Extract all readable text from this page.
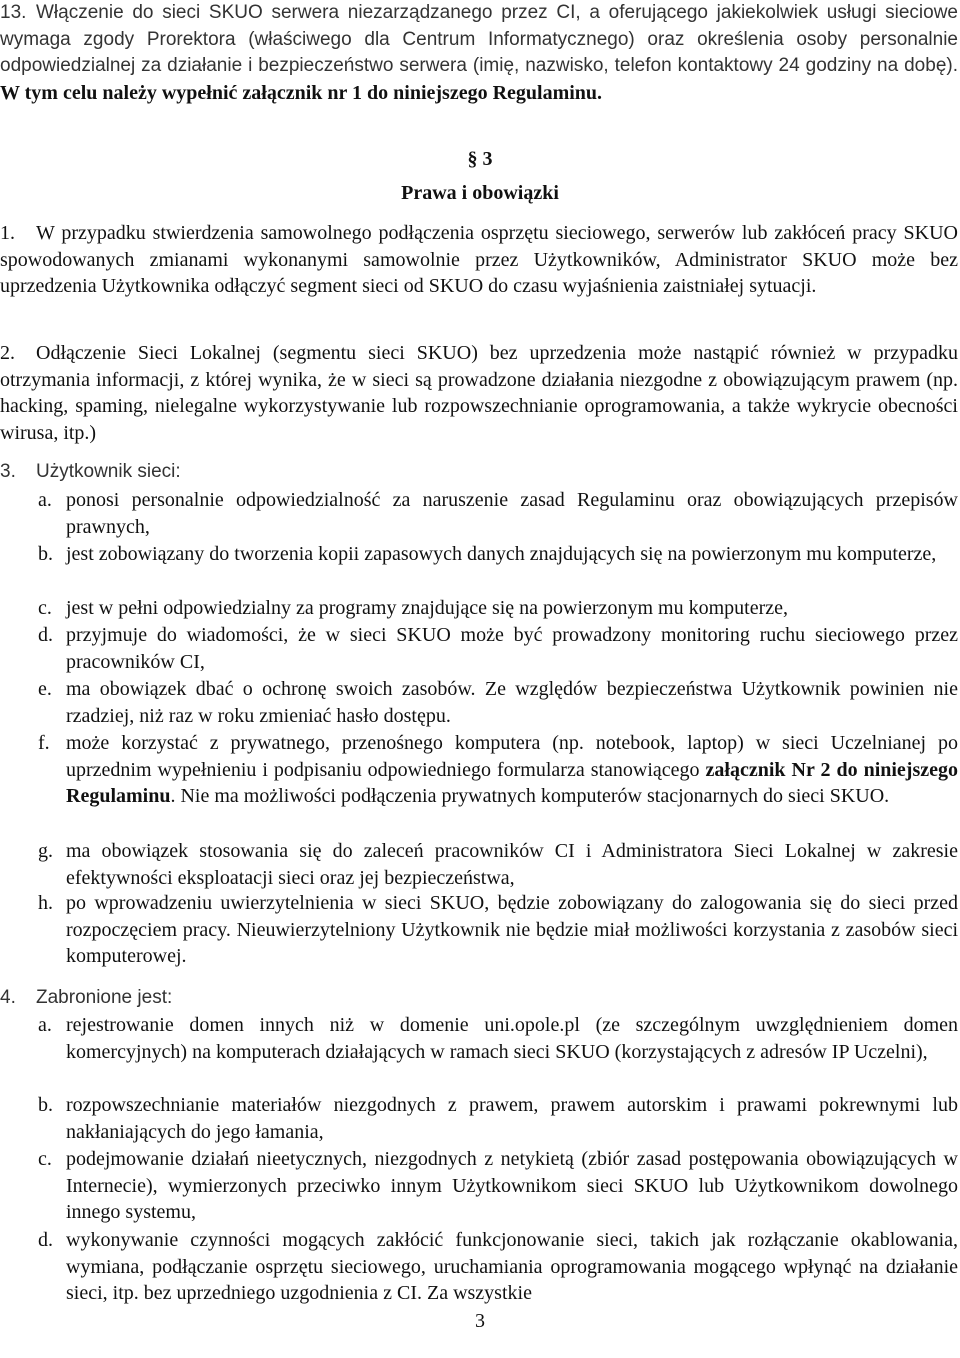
13. Włączenie do sieci SKUO serwera niezarządzanego przez CI, a oferującego jakiekolwiek usługi sieciowe wymaga zgody Prorektora (właściwego dla Centrum Informatycznego) oraz określenia osoby personalnie odpowiedzialnej za działanie i bezpieczeństwo serwera (imię, nazwisko, telefon kontaktowy 24 godziny na dobę). W tym celu należy wypełnić załącznik nr 1 do niniejszego Regulaminu.
§ 3
Prawa i obowiązki
1.	W przypadku stwierdzenia samowolnego podłączenia osprzętu sieciowego, serwerów lub zakłóceń pracy SKUO spowodowanych zmianami wykonanymi samowolnie przez Użytkowników, Administrator SKUO może bez uprzedzenia Użytkownika odłączyć segment sieci od SKUO do czasu wyjaśnienia zaistniałej sytuacji.
2.	Odłączenie Sieci Lokalnej (segmentu sieci SKUO) bez uprzedzenia może nastąpić również w przypadku otrzymania informacji, z której wynika, że w sieci są prowadzone działania niezgodne z obowiązującym prawem (np. hacking, spaming, nielegalne wykorzystywanie lub rozpowszechnianie oprogramowania, a także wykrycie obecności wirusa, itp.)
3. Użytkownik sieci:
a. ponosi personalnie odpowiedzialność za naruszenie zasad Regulaminu oraz obowiązujących przepisów prawnych,
b. jest zobowiązany do tworzenia kopii zapasowych danych znajdujących się na powierzonym mu komputerze,
c. jest w pełni odpowiedzialny za programy znajdujące się na powierzonym mu komputerze,
d. przyjmuje do wiadomości, że w sieci SKUO może być prowadzony monitoring ruchu sieciowego przez pracowników CI,
e. ma obowiązek dbać o ochronę swoich zasobów. Ze względów bezpieczeństwa Użytkownik powinien nie rzadziej, niż raz w roku zmieniać hasło dostępu.
f. może korzystać z prywatnego, przenośnego komputera (np. notebook, laptop) w sieci Uczelnianej po uprzednim wypełnieniu i podpisaniu odpowiedniego formularza stanowiącego załącznik Nr 2 do niniejszego Regulaminu. Nie ma możliwości podłączenia prywatnych komputerów stacjonarnych do sieci SKUO.
g. ma obowiązek stosowania się do zaleceń pracowników CI i Administratora Sieci Lokalnej w zakresie efektywności eksploatacji sieci oraz jej bezpieczeństwa,
h. po wprowadzeniu uwierzytelnienia w sieci SKUO, będzie zobowiązany do zalogowania się do sieci przed rozpoczęciem pracy. Nieuwierzytelniony Użytkownik nie będzie miał możliwości korzystania z zasobów sieci komputerowej.
4. Zabronione jest:
a. rejestrowanie domen innych niż w domenie uni.opole.pl (ze szczególnym uwzględnieniem domen komercyjnych) na komputerach działających w ramach sieci SKUO (korzystających z adresów IP Uczelni),
b. rozpowszechnianie materiałów niezgodnych z prawem, prawem autorskim i prawami pokrewnymi lub nakłaniających do jego łamania,
c. podejmowanie działań nieetycznych, niezgodnych z netykietą (zbiór zasad postępowania obowiązujących w Internecie), wymierzonych przeciwko innym Użytkownikom sieci SKUO lub Użytkownikom dowolnego innego systemu,
d. wykonywanie czynności mogących zakłócić funkcjonowanie sieci, takich jak rozłączanie okablowania, wymiana, podłączanie osprzętu sieciowego, uruchamiania oprogramowania mogącego wpłynąć na działanie sieci, itp. bez uprzedniego uzgodnienia z CI. Za wszystkie
3
